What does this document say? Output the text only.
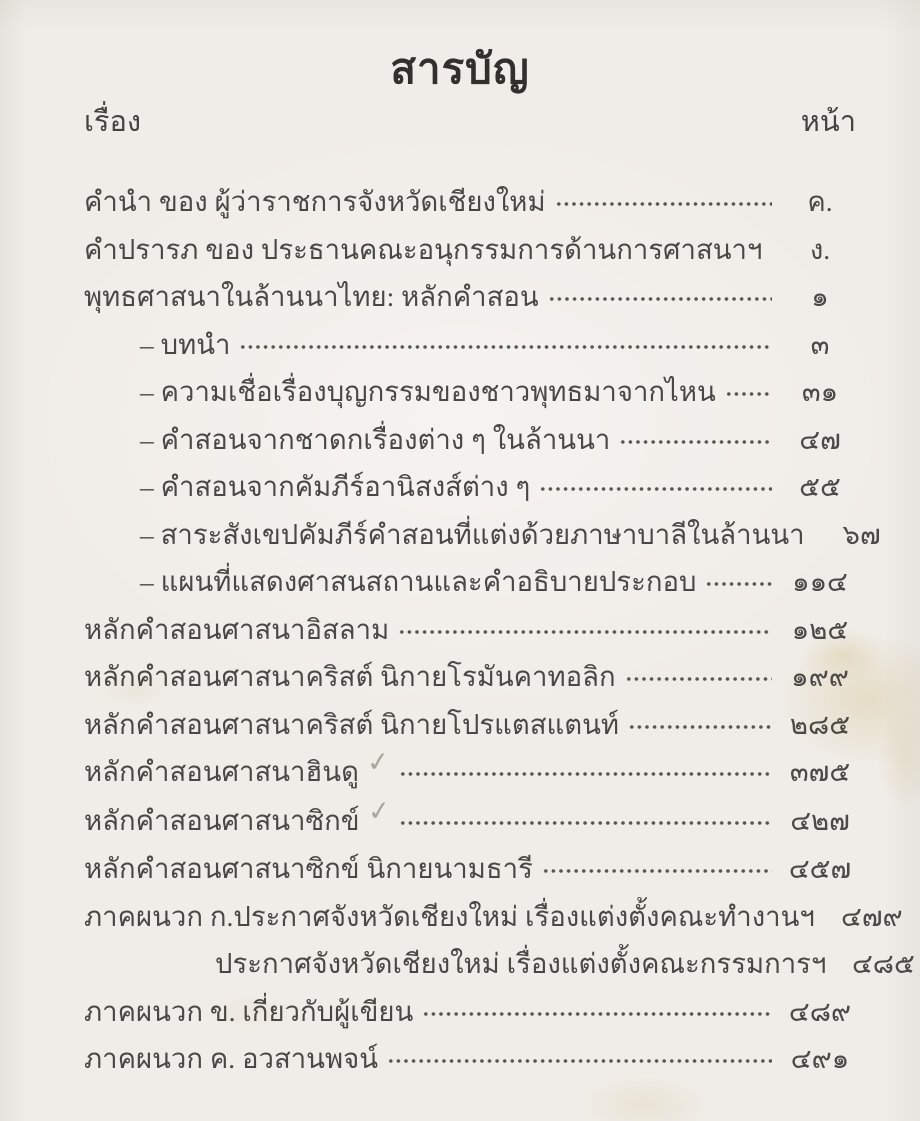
สารบัญ
เรื่อง	หน้า
คำนำ ของ ผู้ว่าราชการจังหวัดเชียงใหม่	ค.
คำปรารภ ของ ประธานคณะอนุกรรมการด้านการศาสนาฯ	ง.
พุทธศาสนาในล้านนาไทย: หลักคำสอน	๑
– บทนำ	๓
– ความเชื่อเรื่องบุญกรรมของชาวพุทธมาจากไหน	๓๑
– คำสอนจากชาดกเรื่องต่าง ๆ ในล้านนา	๔๗
– คำสอนจากคัมภีร์อานิสงส์ต่าง ๆ	๕๕
– สาระสังเขปคัมภีร์คำสอนที่แต่งด้วยภาษาบาลีในล้านนา	๖๗
– แผนที่แสดงศาสนสถานและคำอธิบายประกอบ	๑๑๔
หลักคำสอนศาสนาอิสลาม	๑๒๕
หลักคำสอนศาสนาคริสต์ นิกายโรมันคาทอลิก	๑๙๙
หลักคำสอนศาสนาคริสต์ นิกายโปรแตสแตนท์	๒๘๕
หลักคำสอนศาสนาฮินดู ✓	๓๗๕
หลักคำสอนศาสนาซิกข์ ✓	๔๒๗
หลักคำสอนศาสนาซิกข์ นิกายนามธารี	๔๕๗
ภาคผนวก ก.ประกาศจังหวัดเชียงใหม่ เรื่องแต่งตั้งคณะทำงานฯ ๔๗๙
ประกาศจังหวัดเชียงใหม่ เรื่องแต่งตั้งคณะกรรมการฯ ๔๘๕
ภาคผนวก ข. เกี่ยวกับผู้เขียน	๔๘๙
ภาคผนวก ค. อวสานพจน์	๔๙๑
